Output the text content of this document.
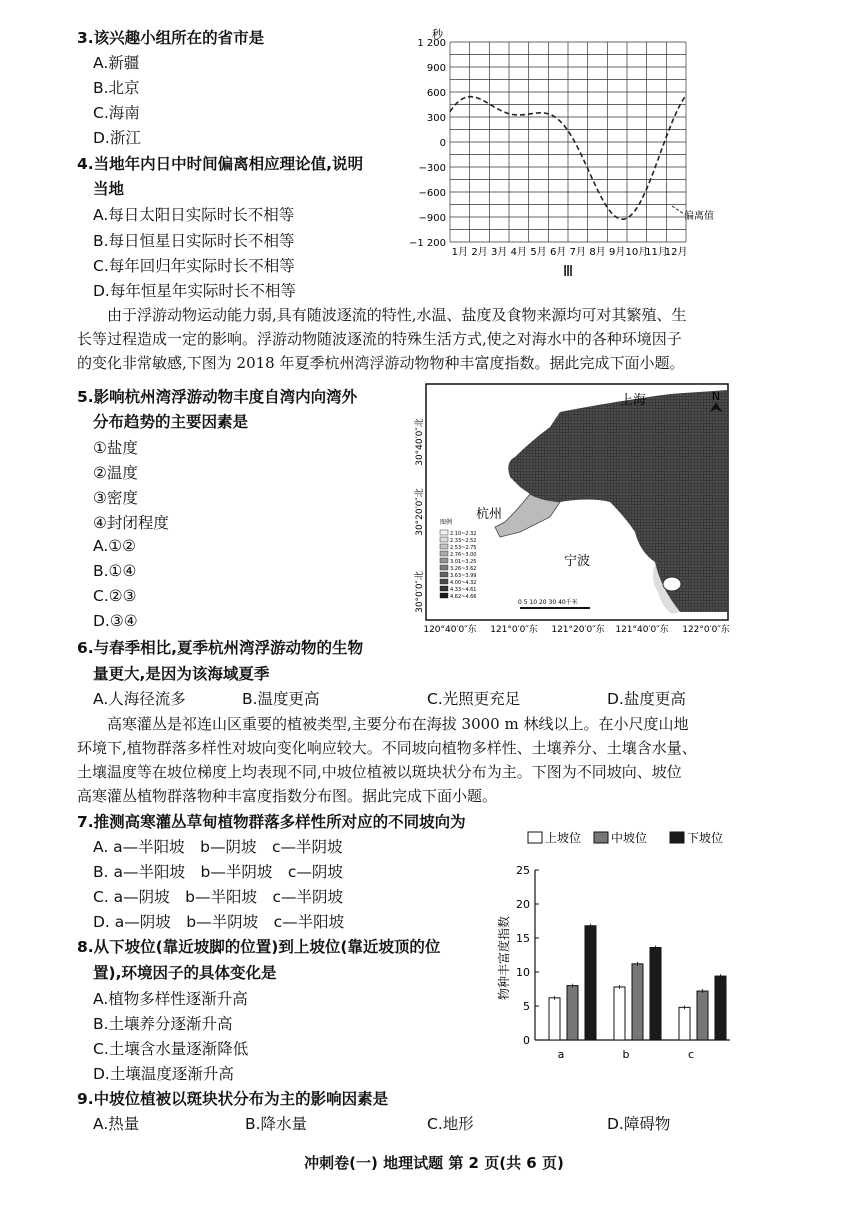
3.该兴趣小组所在的省市是
A.新疆
B.北京
C.海南
D.浙江
4.当地年内日中时间偏离相应理论值,说明
当地
A.每日太阳日实际时长不相等
B.每日恒星日实际时长不相等
C.每年回归年实际时长不相等
D.每年恒星年实际时长不相等
秒
1 200
900
600
300
0
−300
−600
−900
−1 200
1月 2月 3月 4月 5月 6月 7月 8月 9月 10月
11月
12月
偏离值
Ⅲ

由于浮游动物运动能力弱,具有随波逐流的特性,水温、盐度及食物来源均可对其繁殖、生

长等过程造成一定的影响。浮游动物随波逐流的特殊生活方式,使之对海水中的各种环境因子

的变化非常敏感,下图为 2018 年夏季杭州湾浮游动物物种丰富度指数。据此完成下面小题。

5.影响杭州湾浮游动物丰度自湾内向湾外
分布趋势的主要因素是
①盐度
②温度
③密度
④封闭程度
A.①②
B.①④
C.②③
D.③④
N
上海
杭州
宁波
图例
2.10~2.32
2.33~2.52
2.53~2.75
2.76~3.00
3.01~3.25
3.26~3.62
3.63~3.99
4.00~4.32
4.33~4.61
4.62~4.66
0 5 10 20 30 40千米
120°40′0″东 121°0′0″东 121°20′0″东 121°40′0″东 122°0′0″东
30°40′0″北
30°20′0″北
30°0′0″北
6.与春季相比,夏季杭州湾浮游动物的生物
量更大,是因为该海域夏季
A.人海径流多	B.温度更高	C.光照更充足	D.盐度更高

高寒灌丛是祁连山区重要的植被类型,主要分布在海拔 3000 m 林线以上。在小尺度山地

环境下,植物群落多样性对坡向变化响应较大。不同坡向植物多样性、土壤养分、土壤含水量、

土壤温度等在坡位梯度上均表现不同,中坡位植被以斑块状分布为主。下图为不同坡向、坡位

高寒灌丛植物群落物种丰富度指数分布图。据此完成下面小题。

7.推测高寒灌丛草甸植物群落多样性所对应的不同坡向为
A. a—半阳坡　b—阴坡　c—半阴坡
B. a—半阳坡　b—半阴坡　c—阴坡
C. a—阴坡　b—半阳坡　c—半阴坡
D. a—阴坡　b—半阴坡　c—半阳坡
8.从下坡位(靠近坡脚的位置)到上坡位(靠近坡顶的位
置),环境因子的具体变化是
A.植物多样性逐渐升高
B.土壤养分逐渐升高
C.土壤含水量逐渐降低
D.土壤温度逐渐升高
上坡位 中坡位	下坡位
物种丰富度指数
0
5
10
15
20
25
a	b	c
9.中坡位植被以斑块状分布为主的影响因素是
A.热量	B.降水量	C.地形	D.障碍物
冲刺卷(一) 地理试题 第 2 页(共 6 页)
